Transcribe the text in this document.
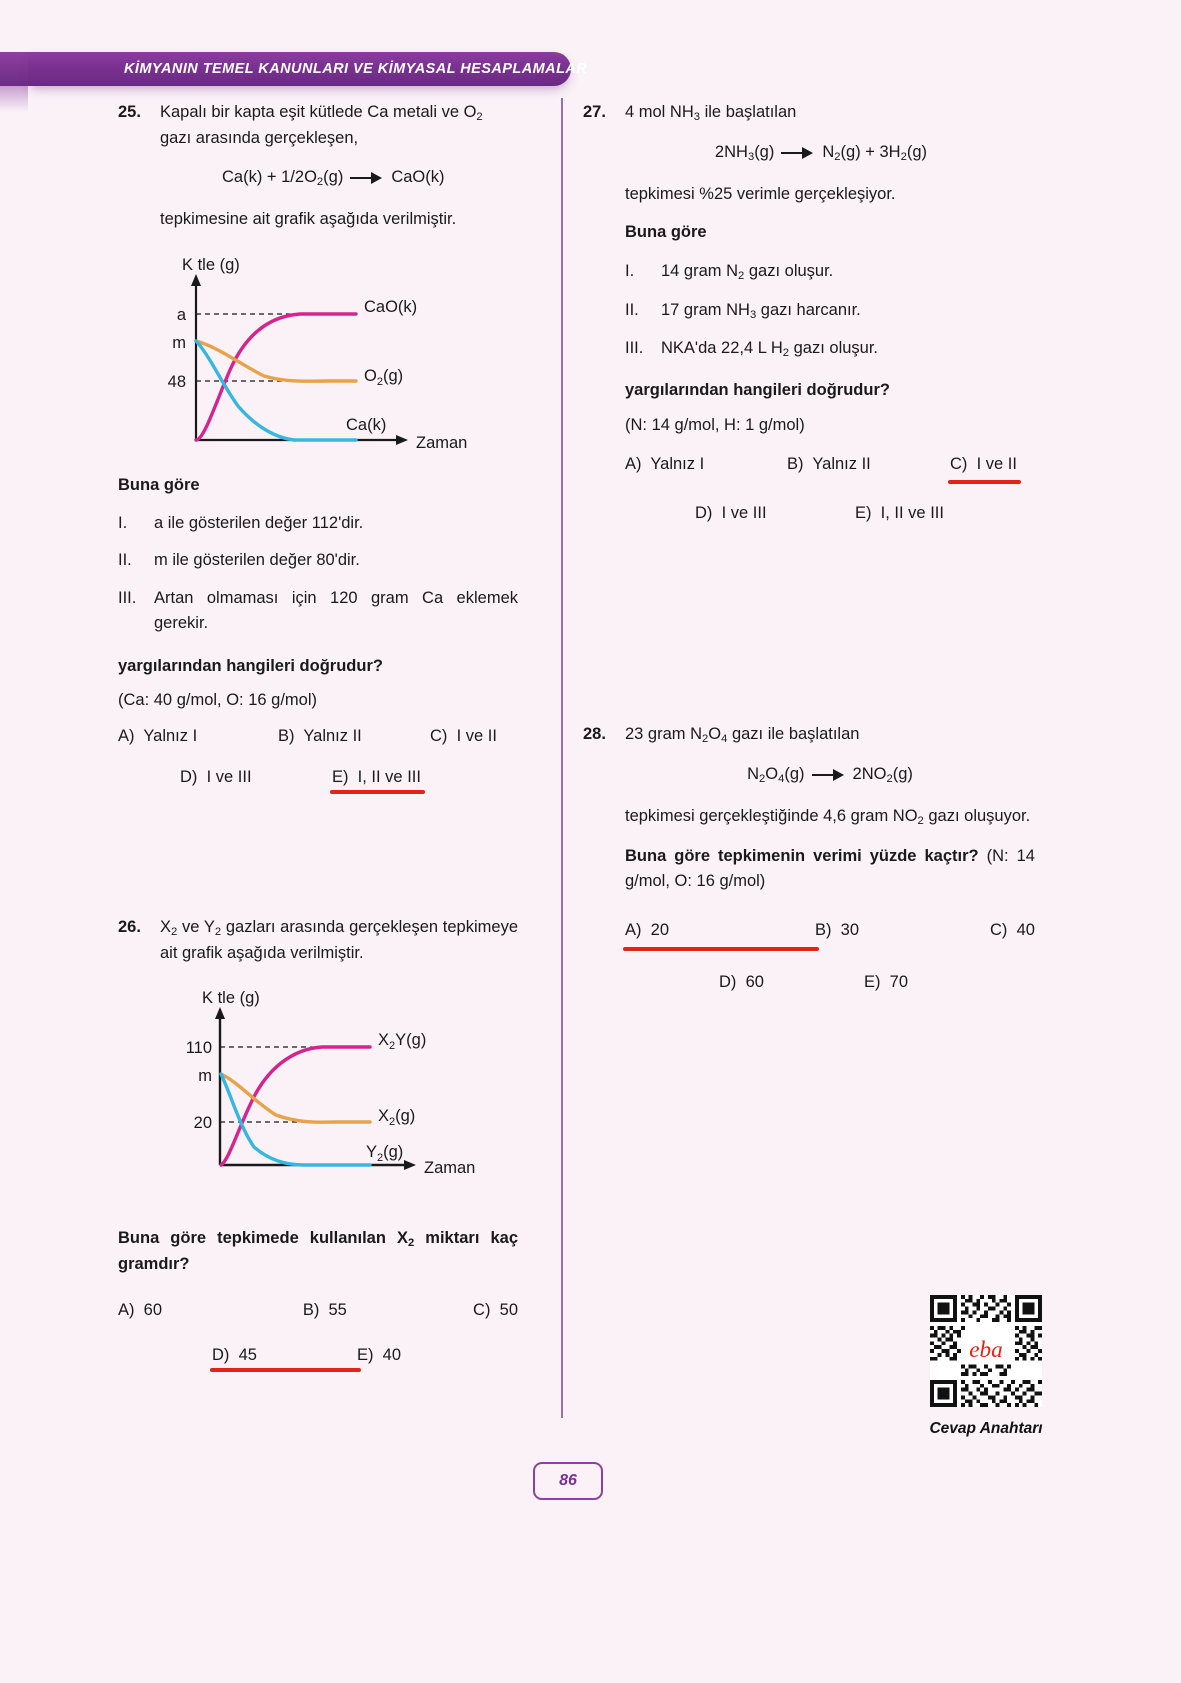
KİMYANIN TEMEL KANUNLARI VE KİMYASAL HESAPLAMALAR
25.	Kapalı bir kapta eşit kütlede Ca metali ve $O_2$
gazı arasında gerçekleşen,
$Ca(k) + 1/2O_2(g)$	CaO(k)
tepkimesine ait grafik aşağıda verilmiştir.
K tle (g)
a
m
48
CaO(k)
$O_2(g)$
Ca(k)
Zaman
Buna göre
I.	a ile gösterilen değer 112'dir.
II.	m ile gösterilen değer 80'dir.
III.	Artan olmaması için 120 gram Ca eklemek gerekir.
yargılarından hangileri doğrudur?
(Ca: 40 g/mol, O: 16 g/mol)
A) Yalnız I	B) Yalnız II	C) I ve II
D) I ve III	E) I, II ve III
26.	$X_2$ ve $Y_2$ gazları arasında gerçekleşen tepkimeye ait grafik aşağıda verilmiştir.
K tle (g)
110
m
20
$X_2Y(g)$
$X_2(g)$
$Y_2(g)$
Zaman
Buna göre tepkimede kullanılan $X_2$ miktarı kaç gramdır?
A) 60	B) 55	C) 50
D) 45	E) 40
27.	4 mol $NH_3$ ile başlatılan
$2NH_3(g)$	$N_2(g) + 3H_2(g)$
tepkimesi %25 verimle gerçekleşiyor.
Buna göre
I.	14 gram $N_2$ gazı oluşur.
II.	17 gram $NH_3$ gazı harcanır.
III.	NKA'da 22,4 L $H_2$ gazı oluşur.
yargılarından hangileri doğrudur?
(N: 14 g/mol, H: 1 g/mol)
A) Yalnız I	B) Yalnız II	C) I ve II
D) I ve III	E) I, II ve III
28.	23 gram $N_2O_4$ gazı ile başlatılan
$N_2O_4(g)$	$2NO_2(g)$
tepkimesi gerçekleştiğinde 4,6 gram $NO_2$ gazı oluşuyor.
Buna göre tepkimenin verimi yüzde kaçtır? (N: 14 g/mol, O: 16 g/mol)
A) 20	B) 30	C) 40
D) 60	E) 70
eba
Cevap Anahtarı
86
